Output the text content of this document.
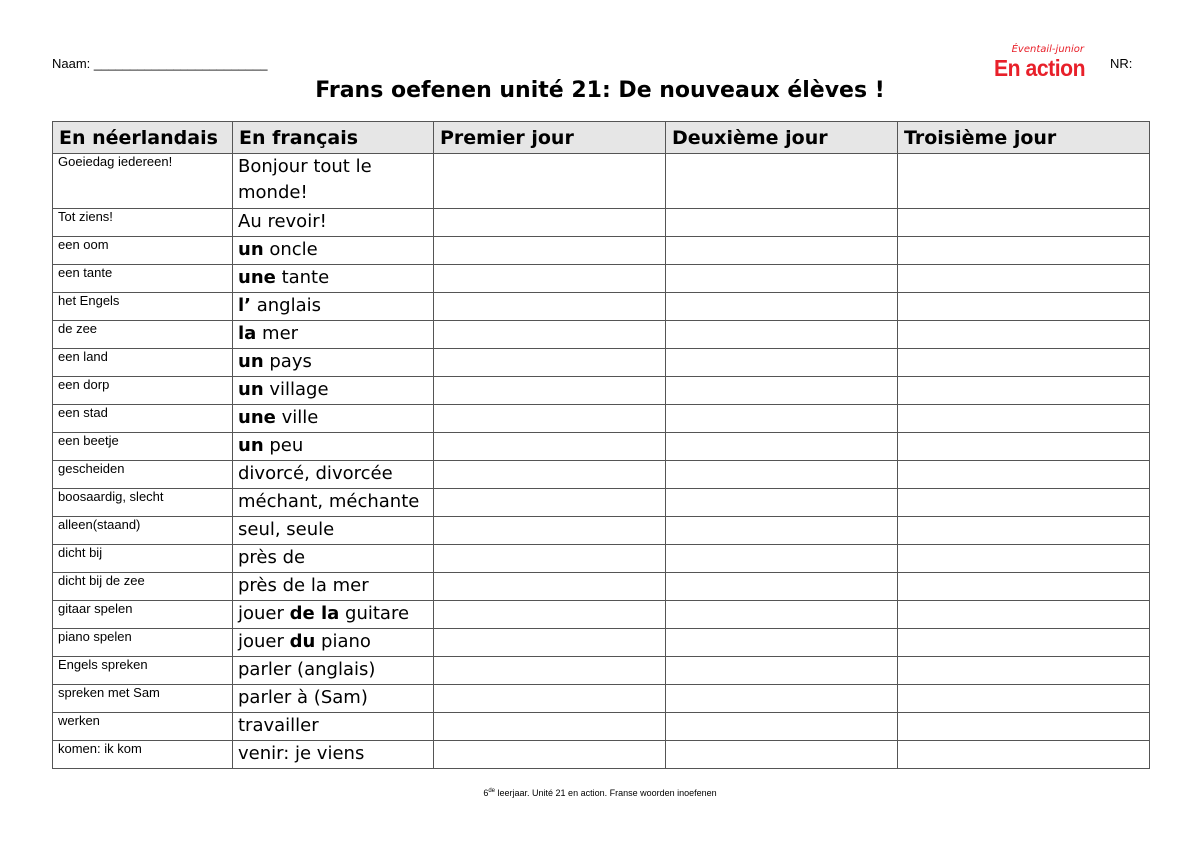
Naam: ________________________
Éventail-junior
En action NR:
Frans oefenen unité 21: De nouveaux élèves !
En néerlandais	En français	Premier jour	Deuxième jour	Troisième jour
Goeiedag iedereen!	Bonjour tout le monde!			
Tot ziens!	Au revoir!			
een oom	un oncle			
een tante	une tante			
het Engels	l’ anglais			
de zee	la mer			
een land	un pays			
een dorp	un village			
een stad	une ville			
een beetje	un peu			
gescheiden	divorcé, divorcée			
boosaardig, slecht	méchant, méchante			
alleen(staand)	seul, seule			
dicht bij	près de			
dicht bij de zee	près de la mer			
gitaar spelen	jouer de la guitare			
piano spelen	jouer du piano			
Engels spreken	parler (anglais)			
spreken met Sam	parler à (Sam)			
werken	travailler			
komen: ik kom	venir: je viens			
6de leerjaar. Unité 21 en action. Franse woorden inoefenen
